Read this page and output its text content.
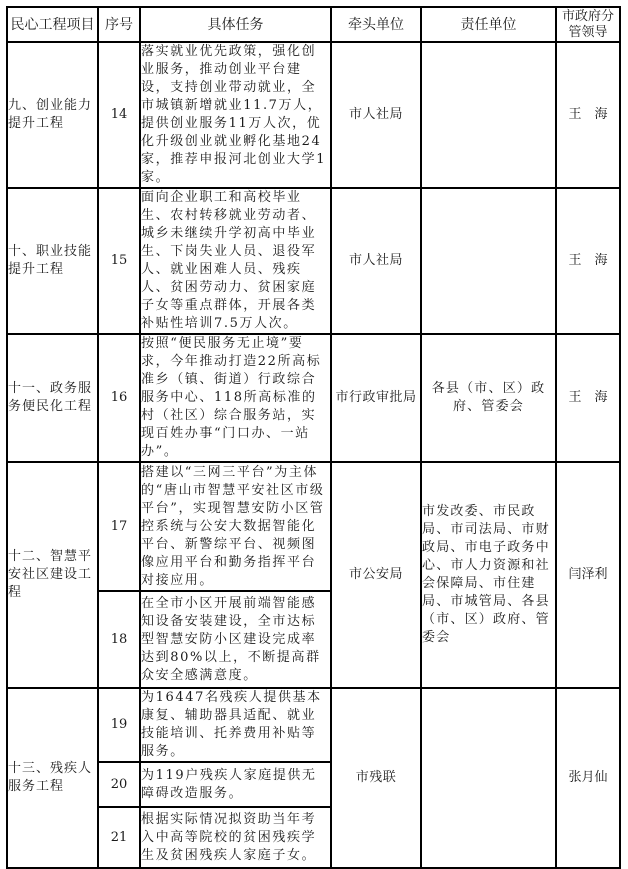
民心工程项目	序号	具体任务	牵头单位	责任单位	市政府分管领导
九、创业能力提升工程	14	落实就业优先政策，强化创业服务，推动创业平台建设，支持创业带动就业，全市城镇新增就业11.7万人，提供创业服务11万人次，优化升级创业就业孵化基地24家，推荐申报河北创业大学1家。	市人社局		王　海
十、职业技能提升工程	15	面向企业职工和高校毕业生、农村转移就业劳动者、城乡未继续升学初高中毕业生、下岗失业人员、退役军人、就业困难人员、残疾人、贫困劳动力、贫困家庭子女等重点群体，开展各类补贴性培训7.5万人次。	市人社局		王　海
十一、政务服务便民化工程	16	按照“便民服务无止境”要求，今年推动打造22所高标准乡（镇、街道）行政综合服务中心、118所高标准的村（社区）综合服务站，实现百姓办事“门口办、一站办”。	市行政审批局	各县（市、区）政府、管委会	王　海
十二、智慧平安社区建设工程	17	搭建以“三网三平台”为主体的“唐山市智慧平安社区市级平台”，实现智慧安防小区管控系统与公安大数据智能化平台、新警综平台、视频图像应用平台和勤务指挥平台对接应用。	市公安局	市发改委、市民政局、市司法局、市财政局、市电子政务中心、市人力资源和社会保障局、市住建局、市城管局、各县（市、区）政府、管委会	闫泽利
	18	在全市小区开展前端智能感知设备安装建设，全市达标型智慧安防小区建设完成率达到80%以上，不断提高群众安全感满意度。			
十三、残疾人服务工程	19	为16447名残疾人提供基本康复、辅助器具适配、就业技能培训、托养费用补贴等服务。	市残联		张月仙
	20	为119户残疾人家庭提供无障碍改造服务。			
	21	根据实际情况拟资助当年考入中高等院校的贫困残疾学生及贫困残疾人家庭子女。			
